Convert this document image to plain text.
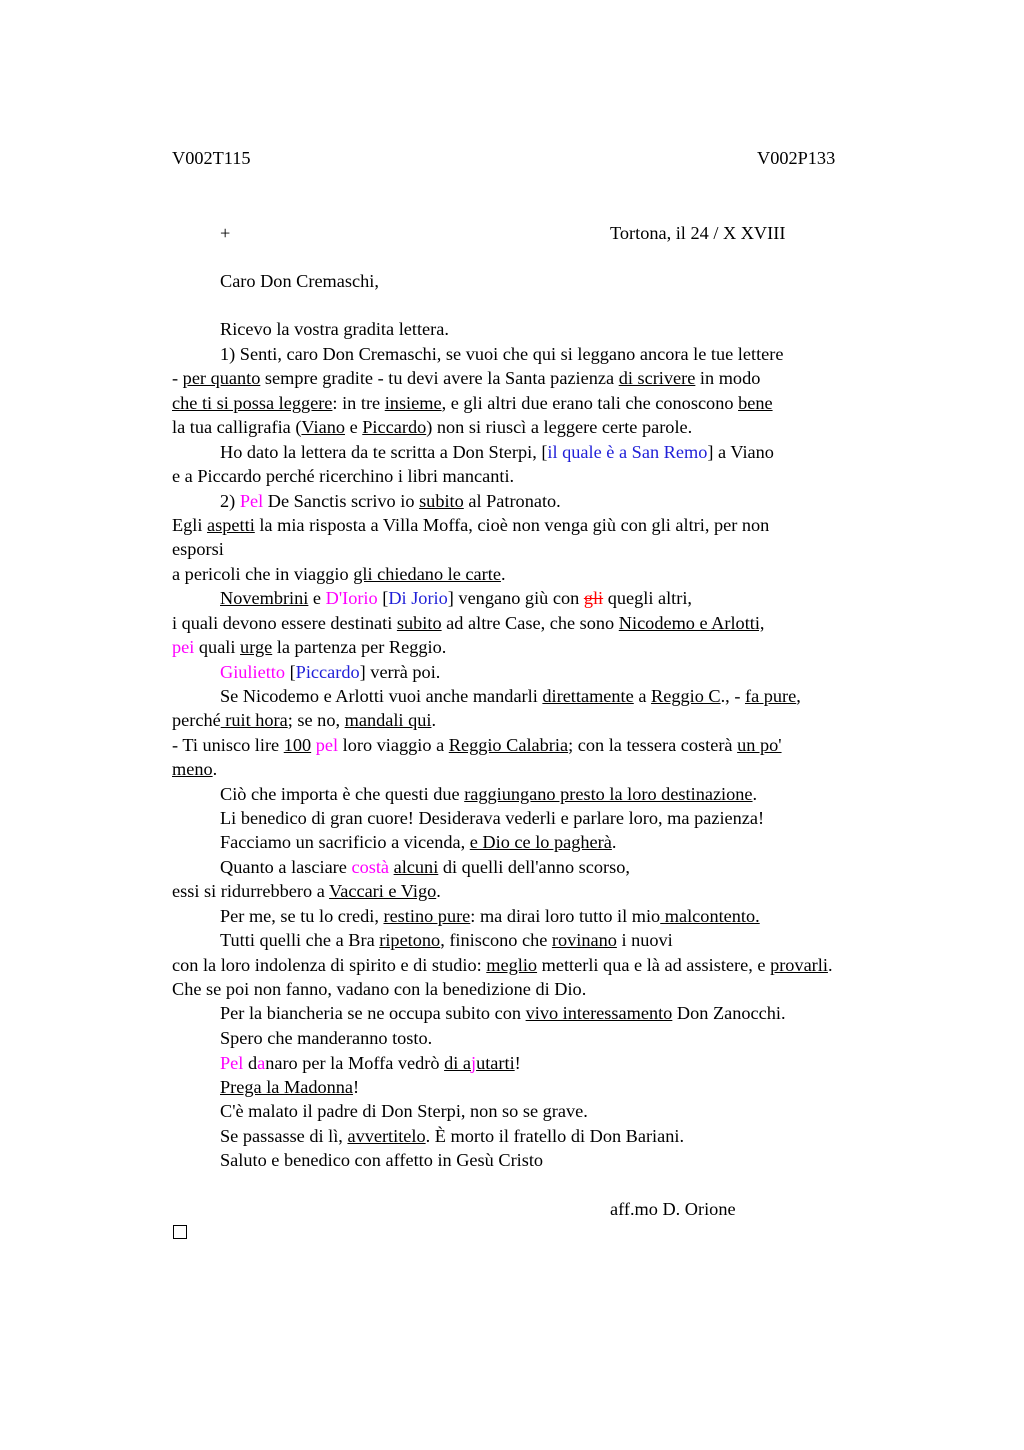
V002T115	V002P133
+	Tortona, il 24 / X XVIII
Caro Don Cremaschi,
Ricevo la vostra gradita lettera.
1) Senti, caro Don Cremaschi, se vuoi che qui si leggano ancora le tue lettere
- per quanto sempre gradite - tu devi avere la Santa pazienza di scrivere in modo
che ti si possa leggere: in tre insieme, e gli altri due erano tali che conoscono bene
la tua calligrafia (Viano e Piccardo) non si riuscì a leggere certe parole.
Ho dato la lettera da te scritta a Don Sterpi, [il quale è a San Remo] a Viano
e a Piccardo perché ricerchino i libri mancanti.
2) Pel De Sanctis scrivo io subito al Patronato.
Egli aspetti la mia risposta a Villa Moffa, cioè non venga giù con gli altri, per non
esporsi
a pericoli che in viaggio gli chiedano le carte.
Novembrini e D'Iorio [Di Jorio] vengano giù con gli quegli altri,
i quali devono essere destinati subito ad altre Case, che sono Nicodemo e Arlotti,
pei quali urge la partenza per Reggio.
Giulietto [Piccardo] verrà poi.
Se Nicodemo e Arlotti vuoi anche mandarli direttamente a Reggio C., - fa pure,
perché ruit hora; se no, mandali qui.
- Ti unisco lire 100 pel loro viaggio a Reggio Calabria; con la tessera costerà un po'
meno.
Ciò che importa è che questi due raggiungano presto la loro destinazione.
Li benedico di gran cuore! Desiderava vederli e parlare loro, ma pazienza!
Facciamo un sacrificio a vicenda, e Dio ce lo pagherà.
Quanto a lasciare costà alcuni di quelli dell'anno scorso,
essi si ridurrebbero a Vaccari e Vigo.
Per me, se tu lo credi, restino pure: ma dirai loro tutto il mio malcontento.
Tutti quelli che a Bra ripetono, finiscono che rovinano i nuovi
con la loro indolenza di spirito e di studio: meglio metterli qua e là ad assistere, e provarli.
Che se poi non fanno, vadano con la benedizione di Dio.
Per la biancheria se ne occupa subito con vivo interessamento Don Zanocchi.
Spero che manderanno tosto.
Pel danaro per la Moffa vedrò di ajutarti!
Prega la Madonna!
C'è malato il padre di Don Sterpi, non so se grave.
Se passasse di lì, avvertitelo. È morto il fratello di Don Bariani.
Saluto e benedico con affetto in Gesù Cristo
aff.mo D. Orione
